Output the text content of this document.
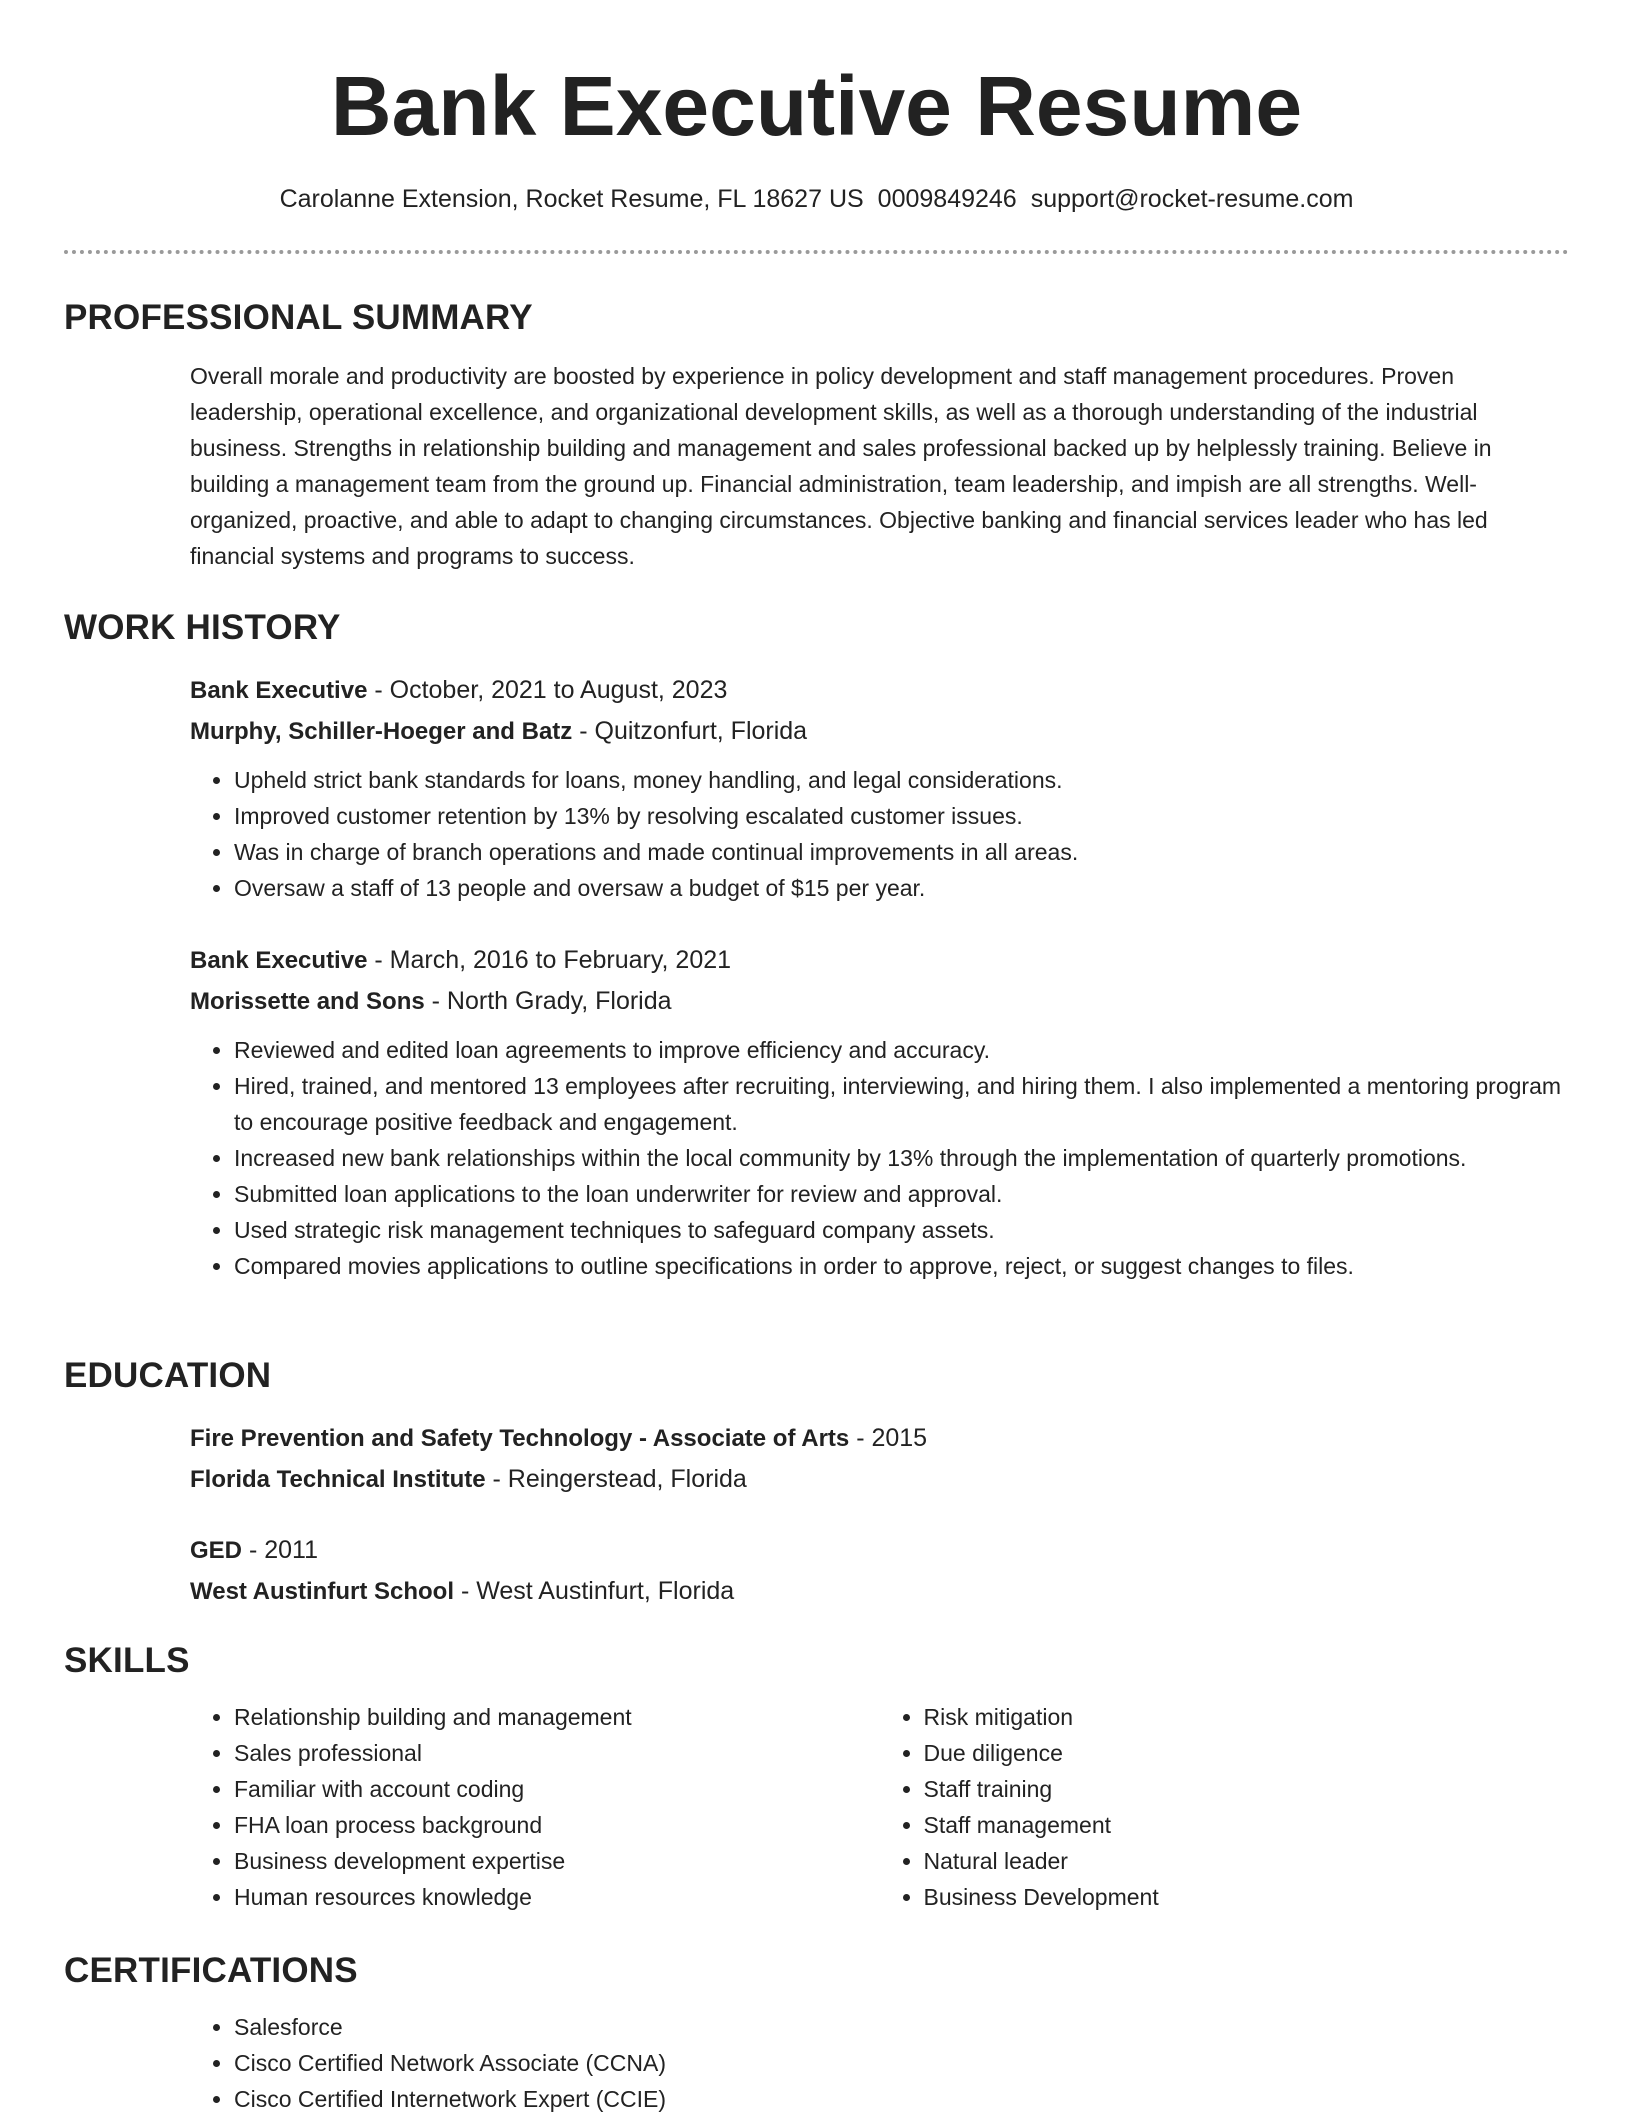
Bank Executive Resume
Carolanne Extension, Rocket Resume, FL 18627 US 0009849246 support@rocket-resume.com
PROFESSIONAL SUMMARY
Overall morale and productivity are boosted by experience in policy development and staff management procedures. Proven leadership, operational excellence, and organizational development skills, as well as a thorough understanding of the industrial business. Strengths in relationship building and management and sales professional backed up by helplessly training. Believe in building a management team from the ground up. Financial administration, team leadership, and impish are all strengths. Well-organized, proactive, and able to adapt to changing circumstances. Objective banking and financial services leader who has led financial systems and programs to success.
WORK HISTORY
Bank Executive - October, 2021 to August, 2023
Murphy, Schiller-Hoeger and Batz - Quitzonfurt, Florida
• Upheld strict bank standards for loans, money handling, and legal considerations.
• Improved customer retention by 13% by resolving escalated customer issues.
• Was in charge of branch operations and made continual improvements in all areas.
• Oversaw a staff of 13 people and oversaw a budget of $15 per year.
Bank Executive - March, 2016 to February, 2021
Morissette and Sons - North Grady, Florida
• Reviewed and edited loan agreements to improve efficiency and accuracy.
• Hired, trained, and mentored 13 employees after recruiting, interviewing, and hiring them. I also implemented a mentoring program to encourage positive feedback and engagement.
• Increased new bank relationships within the local community by 13% through the implementation of quarterly promotions.
• Submitted loan applications to the loan underwriter for review and approval.
• Used strategic risk management techniques to safeguard company assets.
• Compared movies applications to outline specifications in order to approve, reject, or suggest changes to files.
EDUCATION
Fire Prevention and Safety Technology - Associate of Arts - 2015
Florida Technical Institute - Reingerstead, Florida
GED - 2011
West Austinfurt School - West Austinfurt, Florida
SKILLS
• Relationship building and management
• Sales professional
• Familiar with account coding
• FHA loan process background
• Business development expertise
• Human resources knowledge
• Risk mitigation
• Due diligence
• Staff training
• Staff management
• Natural leader
• Business Development
CERTIFICATIONS
• Salesforce
• Cisco Certified Network Associate (CCNA)
• Cisco Certified Internetwork Expert (CCIE)
